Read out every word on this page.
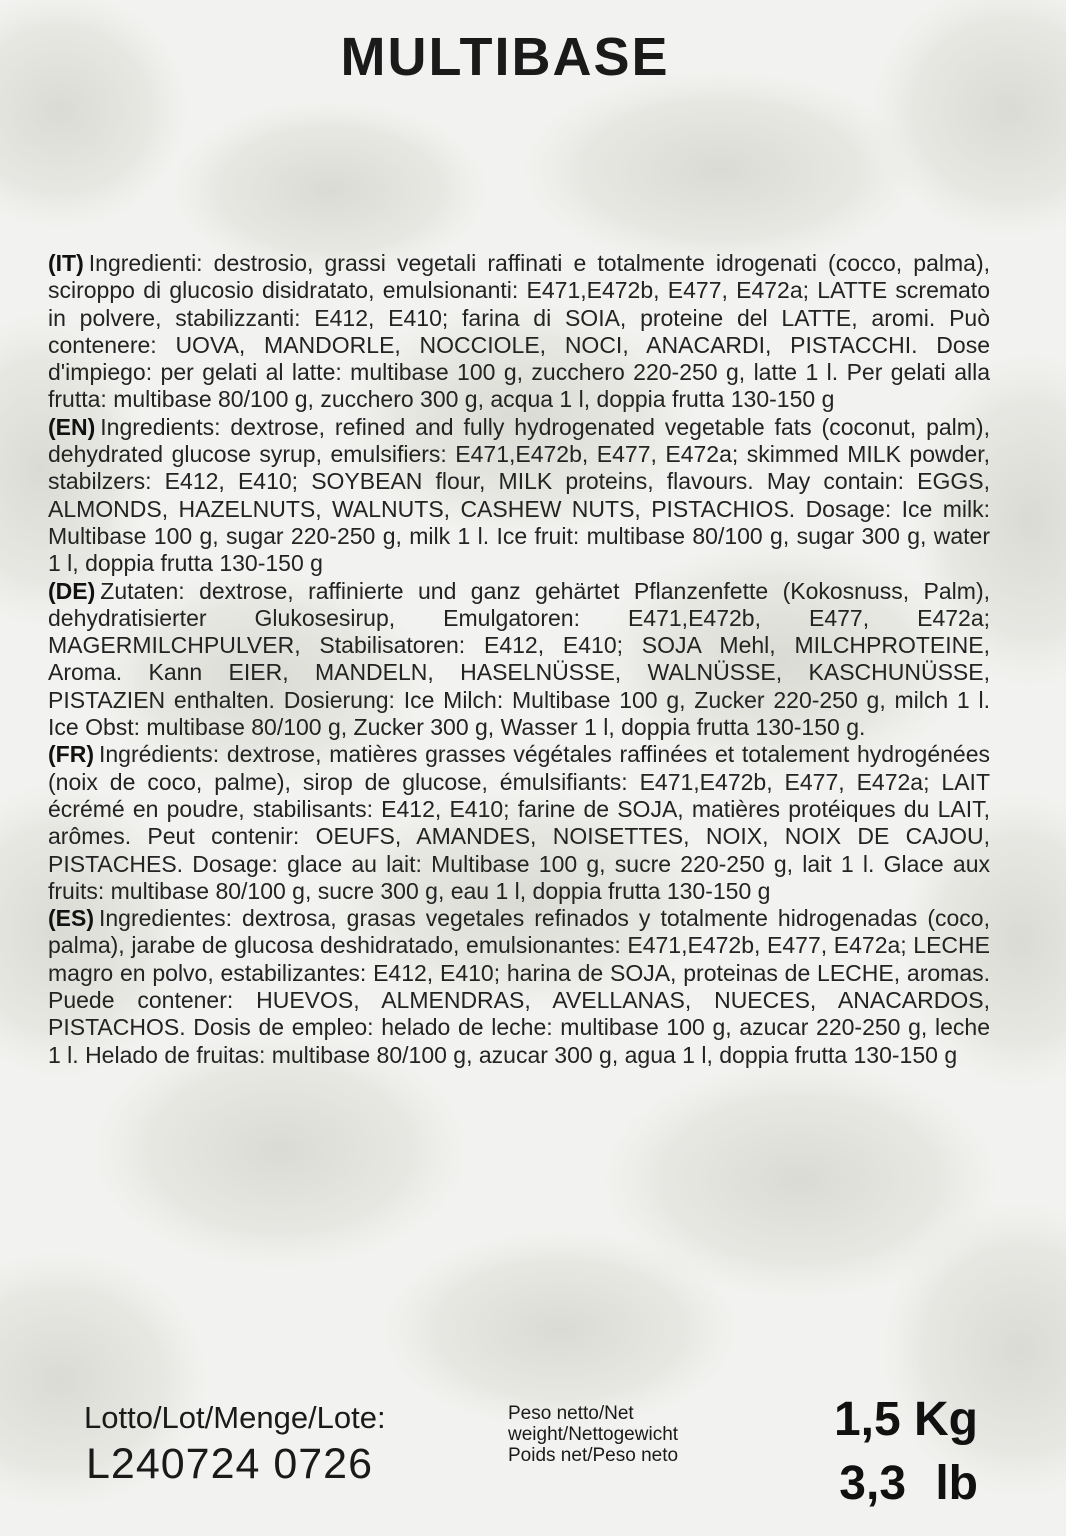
MULTIBASE

(IT) Ingredienti: destrosio, grassi vegetali raffinati e totalmente idrogenati (cocco, palma), sciroppo di glucosio disidratato, emulsionanti: E471,E472b, E477, E472a; LATTE scremato in polvere, stabilizzanti: E412, E410; farina di SOIA, proteine del LATTE, aromi. Può contenere: UOVA, MANDORLE, NOCCIOLE, NOCI, ANACARDI, PISTACCHI. Dose d'impiego: per gelati al latte: multibase 100 g, zucchero 220-250 g, latte 1 l. Per gelati alla frutta: multibase 80/100 g, zucchero 300 g, acqua 1 l, doppia frutta 130-150 g

(EN) Ingredients: dextrose, refined and fully hydrogenated vegetable fats (coconut, palm), dehydrated glucose syrup, emulsifiers: E471,E472b, E477, E472a; skimmed MILK powder, stabilzers: E412, E410; SOYBEAN flour, MILK proteins, flavours. May contain: EGGS, ALMONDS, HAZELNUTS, WALNUTS, CASHEW NUTS, PISTACHIOS. Dosage: Ice milk: Multibase 100 g, sugar 220-250 g, milk 1 l. Ice fruit: multibase 80/100 g, sugar 300 g, water 1 l, doppia frutta 130-150 g

(DE) Zutaten: dextrose, raffinierte und ganz gehärtet Pflanzenfette (Kokosnuss, Palm), dehydratisierter Glukosesirup, Emulgatoren: E471,E472b, E477, E472a; MAGERMILCHPULVER, Stabilisatoren: E412, E410; SOJA Mehl, MILCHPROTEINE, Aroma. Kann EIER, MANDELN, HASELNÜSSE, WALNÜSSE, KASCHUNÜSSE, PISTAZIEN enthalten. Dosierung: Ice Milch: Multibase 100 g, Zucker 220-250 g, milch 1 l. Ice Obst: multibase 80/100 g, Zucker 300 g, Wasser 1 l, doppia frutta 130-150 g.

(FR) Ingrédients: dextrose, matières grasses végétales raffinées et totalement hydrogénées (noix de coco, palme), sirop de glucose, émulsifiants: E471,E472b, E477, E472a; LAIT écrémé en poudre, stabilisants: E412, E410; farine de SOJA, matières protéiques du LAIT, arômes. Peut contenir: OEUFS, AMANDES, NOISETTES, NOIX, NOIX DE CAJOU, PISTACHES. Dosage: glace au lait: Multibase 100 g, sucre 220-250 g, lait 1 l. Glace aux fruits: multibase 80/100 g, sucre 300 g, eau 1 l, doppia frutta 130-150 g

(ES) Ingredientes: dextrosa, grasas vegetales refinados y totalmente hidrogenadas (coco, palma), jarabe de glucosa deshidratado, emulsionantes: E471,E472b, E477, E472a; LECHE magro en polvo, estabilizantes: E412, E410; harina de SOJA, proteinas de LECHE, aromas. Puede contener: HUEVOS, ALMENDRAS, AVELLANAS, NUECES, ANACARDOS, PISTACHOS. Dosis de empleo: helado de leche: multibase 100 g, azucar 220-250 g, leche 1 l. Helado de fruitas: multibase 80/100 g, azucar 300 g, agua 1 l, doppia frutta 130-150 g

Lotto/Lot/Menge/Lote:
L240724 0726
Peso netto/Net
weight/Nettogewicht
Poids net/Peso neto
1,5 Kg
3,3 lb
